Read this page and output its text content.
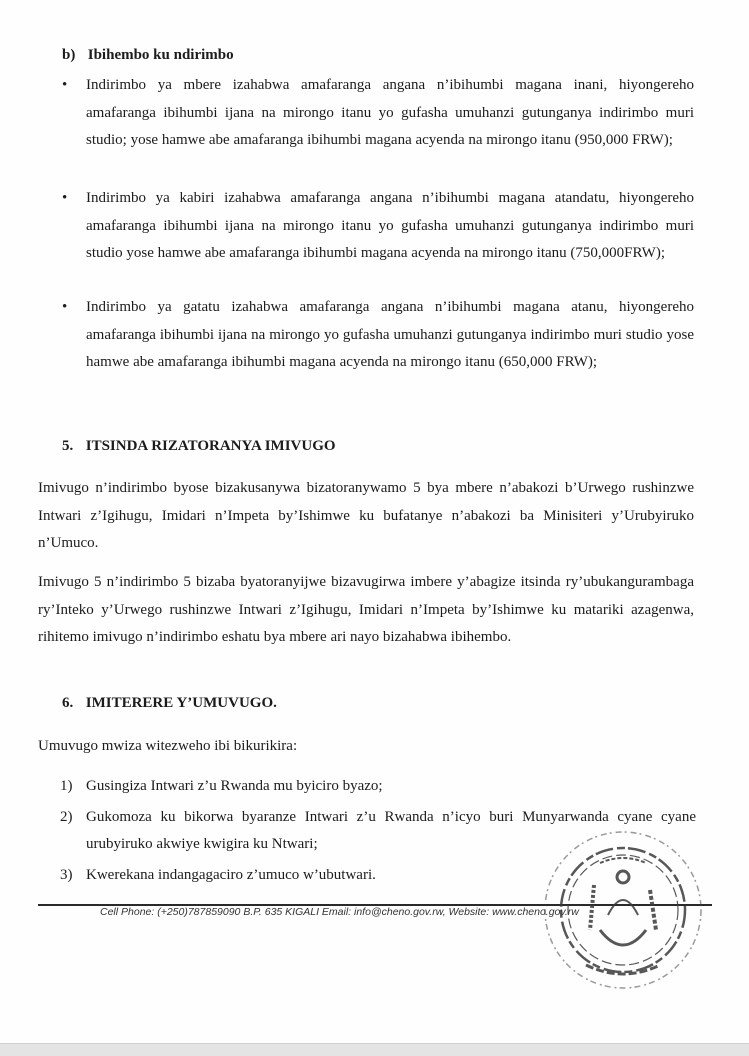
b) Ibihembo ku ndirimbo
• Indirimbo ya mbere izahabwa amafaranga angana n’ibihumbi magana inani, hiyongereho amafaranga ibihumbi ijana na mirongo itanu yo gufasha umuhanzi gutunganya indirimbo muri studio; yose hamwe abe amafaranga ibihumbi magana acyenda na mirongo itanu (950,000 FRW);
• Indirimbo ya kabiri izahabwa amafaranga angana n’ibihumbi magana atandatu, hiyongereho amafaranga ibihumbi ijana na mirongo itanu yo gufasha umuhanzi gutunganya indirimbo muri studio yose hamwe abe amafaranga ibihumbi magana acyenda na mirongo itanu (750,000FRW);
• Indirimbo ya gatatu izahabwa amafaranga angana n’ibihumbi magana atanu, hiyongereho amafaranga ibihumbi ijana na mirongo yo gufasha umuhanzi gutunganya indirimbo muri studio yose hamwe abe amafaranga ibihumbi magana acyenda na mirongo itanu (650,000 FRW);
5. ITSINDA RIZATORANYA IMIVUGO
Imivugo n’indirimbo byose bizakusanywa bizatoranywamo 5 bya mbere n’abakozi b’Urwego rushinzwe Intwari z’Igihugu, Imidari n’Impeta by’Ishimwe ku bufatanye n’abakozi ba Minisiteri y’Urubyiruko n’Umuco.
Imivugo 5 n’indirimbo 5 bizaba byatoranyijwe bizavugirwa imbere y’abagize itsinda ry’ubukangurambaga ry’Inteko y’Urwego rushinzwe Intwari z’Igihugu, Imidari n’Impeta by’Ishimwe ku matariki azagenwa, rihitemo imivugo n’indirimbo eshatu bya mbere ari nayo bizahabwa ibihembo.
6. IMITERERE Y’UMUVUGO.
Umuvugo mwiza witezweho ibi bikurikira:
1) Gusingiza Intwari z’u Rwanda mu byiciro byazo;
2) Gukomoza ku bikorwa byaranze Intwari z’u Rwanda n’icyo buri Munyarwanda cyane cyane urubyiruko akwiye kwigira ku Ntwari;
3) Kwerekana indangagaciro z’umuco w’ubutwari.
Cell Phone: (+250)787859090 B.P. 635 KIGALI Email: info@cheno.gov.rw, Website: www.cheno.gov.rw
